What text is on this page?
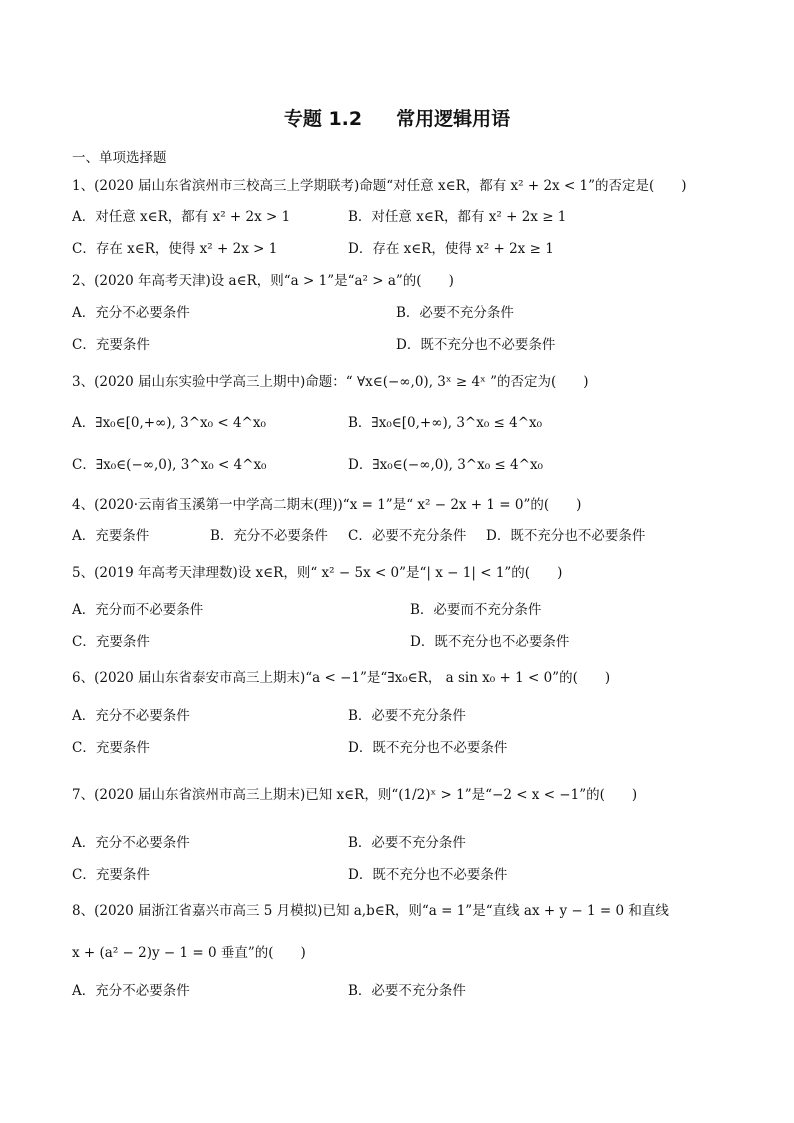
专题 1.2 常用逻辑用语
一、单项选择题
1、(2020 届山东省滨州市三校高三上学期联考)命题“对任意 x∈R，都有 x² + 2x < 1”的否定是(　　)
A．对任意 x∈R，都有 x² + 2x > 1	B．对任意 x∈R，都有 x² + 2x ≥ 1
C．存在 x∈R，使得 x² + 2x > 1	D．存在 x∈R，使得 x² + 2x ≥ 1
2、(2020 年高考天津)设 a∈R，则“a > 1”是“a² > a”的(　　)
A．充分不必要条件	B．必要不充分条件
C．充要条件	D．既不充分也不必要条件
3、(2020 届山东实验中学高三上期中)命题：“ ∀x∈(−∞,0), 3ˣ ≥ 4ˣ ”的否定为(　　)
A．∃x₀∈[0,+∞), 3^x₀ < 4^x₀	B．∃x₀∈[0,+∞), 3^x₀ ≤ 4^x₀
C．∃x₀∈(−∞,0), 3^x₀ < 4^x₀	D．∃x₀∈(−∞,0), 3^x₀ ≤ 4^x₀
4、(2020·云南省玉溪第一中学高二期末(理))“x = 1”是“ x² − 2x + 1 = 0”的(　　)
A．充要条件	B．充分不必要条件 C．必要不充分条件 D．既不充分也不必要条件
5、(2019 年高考天津理数)设 x∈R，则“ x² − 5x < 0”是“| x − 1| < 1”的(　　)
A．充分而不必要条件	B．必要而不充分条件
C．充要条件	D．既不充分也不必要条件
6、(2020 届山东省泰安市高三上期末)“a < −1”是“∃x₀∈R， a sin x₀ + 1 < 0”的(　　)
A．充分不必要条件	B．必要不充分条件
C．充要条件	D．既不充分也不必要条件
7、(2020 届山东省滨州市高三上期末)已知 x∈R，则“(1/2)ˣ > 1”是“−2 < x < −1”的(　　)
A．充分不必要条件	B．必要不充分条件
C．充要条件	D．既不充分也不必要条件
8、(2020 届浙江省嘉兴市高三 5 月模拟)已知 a,b∈R，则“a = 1”是“直线 ax + y − 1 = 0 和直线
x + (a² − 2)y − 1 = 0 垂直”的(　　)
A．充分不必要条件	B．必要不充分条件
